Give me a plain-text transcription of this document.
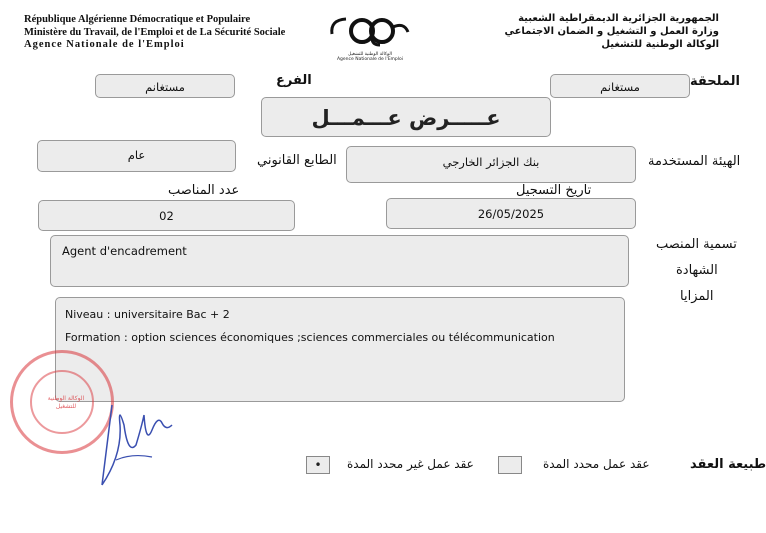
République Algérienne Démocratique et Populaire
Ministère du Travail, de l'Emploi et de La Sécurité Sociale
Agence Nationale de l'Emploi
الوكالة الوطنية للتشغيل
Agence Nationale de l'Emploi
الجمهورية الجزائرية الديمقراطية الشعبية
وزارة العمل و التشغيل و الضمان الاجتماعي
الوكالة الوطنية للتشغيل
الملحقة
مستغانم
الفرع
مستغانم
عـــــرض عـــمـــل
الهيئة المستخدمة
بنك الجزائر الخارجي
الطابع القانوني
عام
تاريخ التسجيل
26/05/2025
عدد المناصب
02
تسمية المنصب
Agent d'encadrement
الشهادة
المزايا
Niveau : universitaire Bac + 2
Formation : option sciences économiques ;sciences commerciales ou télécommunication
الوكالة الوطنية للتشغيل
طبيعة العقد
عقد عمل محدد المدة
عقد عمل غير محدد المدة
•
